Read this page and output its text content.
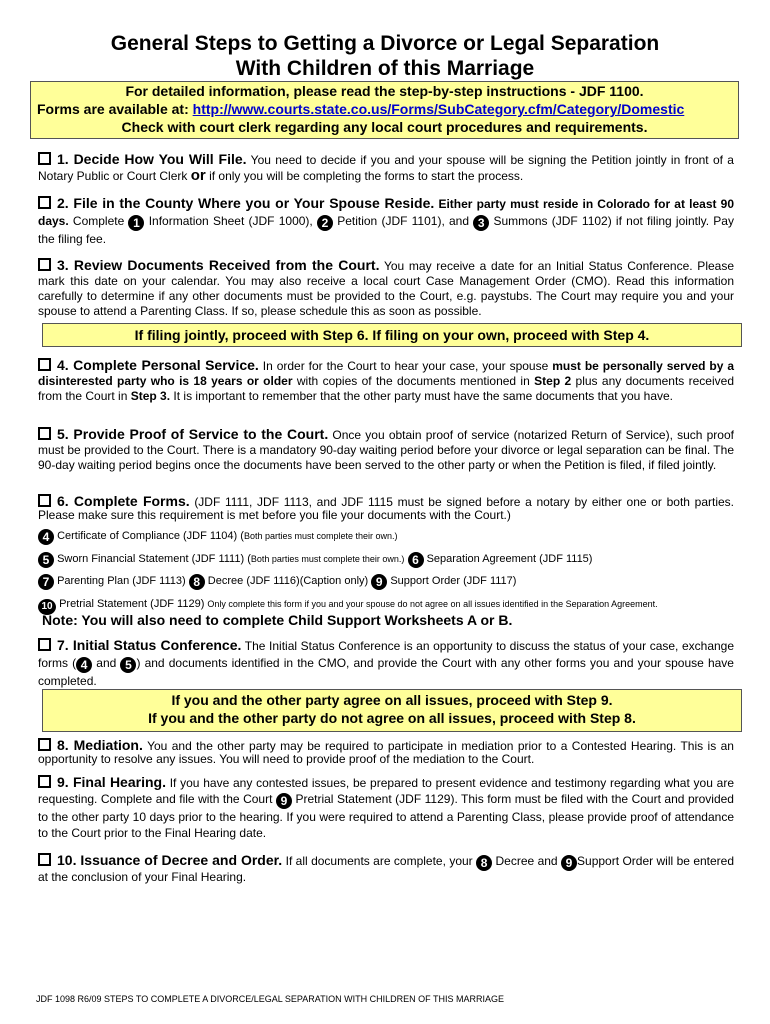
General Steps to Getting a Divorce or Legal Separation
With Children of this Marriage
For detailed information, please read the step-by-step instructions - JDF 1100.
Forms are available at: http://www.courts.state.co.us/Forms/SubCategory.cfm/Category/Domestic
Check with court clerk regarding any local court procedures and requirements.
1. Decide How You Will File. You need to decide if you and your spouse will be signing the Petition jointly in front of a Notary Public or Court Clerk or if only you will be completing the forms to start the process.
2. File in the County Where you or Your Spouse Reside. Either party must reside in Colorado for at least 90 days. Complete 1 Information Sheet (JDF 1000), 2 Petition (JDF 1101), and 3 Summons (JDF 1102) if not filing jointly. Pay the filing fee.
3. Review Documents Received from the Court. You may receive a date for an Initial Status Conference. Please mark this date on your calendar. You may also receive a local court Case Management Order (CMO). Read this information carefully to determine if any other documents must be provided to the Court, e.g. paystubs. The Court may require you and your spouse to attend a Parenting Class. If so, please schedule this as soon as possible.
If filing jointly, proceed with Step 6. If filing on your own, proceed with Step 4.
4. Complete Personal Service. In order for the Court to hear your case, your spouse must be personally served by a disinterested party who is 18 years or older with copies of the documents mentioned in Step 2 plus any documents received from the Court in Step 3. It is important to remember that the other party must have the same documents that you have.
5. Provide Proof of Service to the Court. Once you obtain proof of service (notarized Return of Service), such proof must be provided to the Court. There is a mandatory 90-day waiting period before your divorce or legal separation can be final. The 90-day waiting period begins once the documents have been served to the other party or when the Petition is filed, if filed jointly.
6. Complete Forms. (JDF 1111, JDF 1113, and JDF 1115 must be signed before a notary by either one or both parties. Please make sure this requirement is met before you file your documents with the Court.)
4 Certificate of Compliance (JDF 1104) (Both parties must complete their own.)
5 Sworn Financial Statement (JDF 1111) (Both parties must complete their own.) 6 Separation Agreement (JDF 1115)
7 Parenting Plan (JDF 1113) 8 Decree (JDF 1116)(Caption only) 9 Support Order (JDF 1117)
10 Pretrial Statement (JDF 1129) Only complete this form if you and your spouse do not agree on all issues identified in the Separation Agreement.
Note: You will also need to complete Child Support Worksheets A or B.
7. Initial Status Conference. The Initial Status Conference is an opportunity to discuss the status of your case, exchange forms ( 4 and 5 ) and documents identified in the CMO, and provide the Court with any other forms you and your spouse have completed.
If you and the other party agree on all issues, proceed with Step 9.
If you and the other party do not agree on all issues, proceed with Step 8.
8. Mediation. You and the other party may be required to participate in mediation prior to a Contested Hearing. This is an opportunity to resolve any issues. You will need to provide proof of the mediation to the Court.
9. Final Hearing. If you have any contested issues, be prepared to present evidence and testimony regarding what you are requesting. Complete and file with the Court 9 Pretrial Statement (JDF 1129). This form must be filed with the Court and provided to the other party 10 days prior to the hearing. If you were required to attend a Parenting Class, please provide proof of attendance to the Court prior to the Final Hearing date.
10. Issuance of Decree and Order. If all documents are complete, your 8 Decree and 9 Support Order will be entered at the conclusion of your Final Hearing.
JDF 1098 R6/09 STEPS TO COMPLETE A DIVORCE/LEGAL SEPARATION WITH CHILDREN OF THIS MARRIAGE
